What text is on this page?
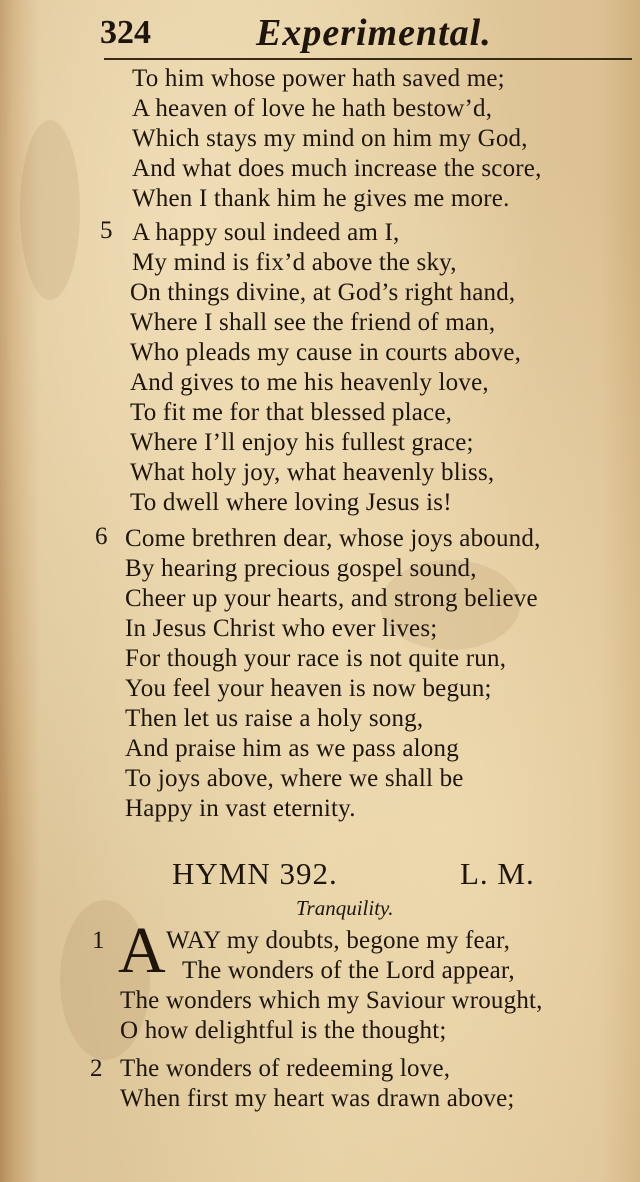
324	Experimental.
To him whose power hath saved me;
A heaven of love he hath bestow’d,
Which stays my mind on him my God,
And what does much increase the score,
When I thank him he gives me more.
5 A happy soul indeed am I,
My mind is fix’d above the sky,
On things divine, at God’s right hand,
Where I shall see the friend of man,
Who pleads my cause in courts above,
And gives to me his heavenly love,
To fit me for that blessed place,
Where I’ll enjoy his fullest grace;
What holy joy, what heavenly bliss,
To dwell where loving Jesus is!
6 Come brethren dear, whose joys abound,
By hearing precious gospel sound,
Cheer up your hearts, and strong believe
In Jesus Christ who ever lives;
For though your race is not quite run,
You feel your heaven is now begun;
Then let us raise a holy song,
And praise him as we pass along
To joys above, where we shall be
Happy in vast eternity.
HYMN 392.	L. M.
Tranquility.
1 A WAY my doubts, begone my fear,
The wonders of the Lord appear,
The wonders which my Saviour wrought,
O how delightful is the thought;
2 The wonders of redeeming love,
When first my heart was drawn above;
